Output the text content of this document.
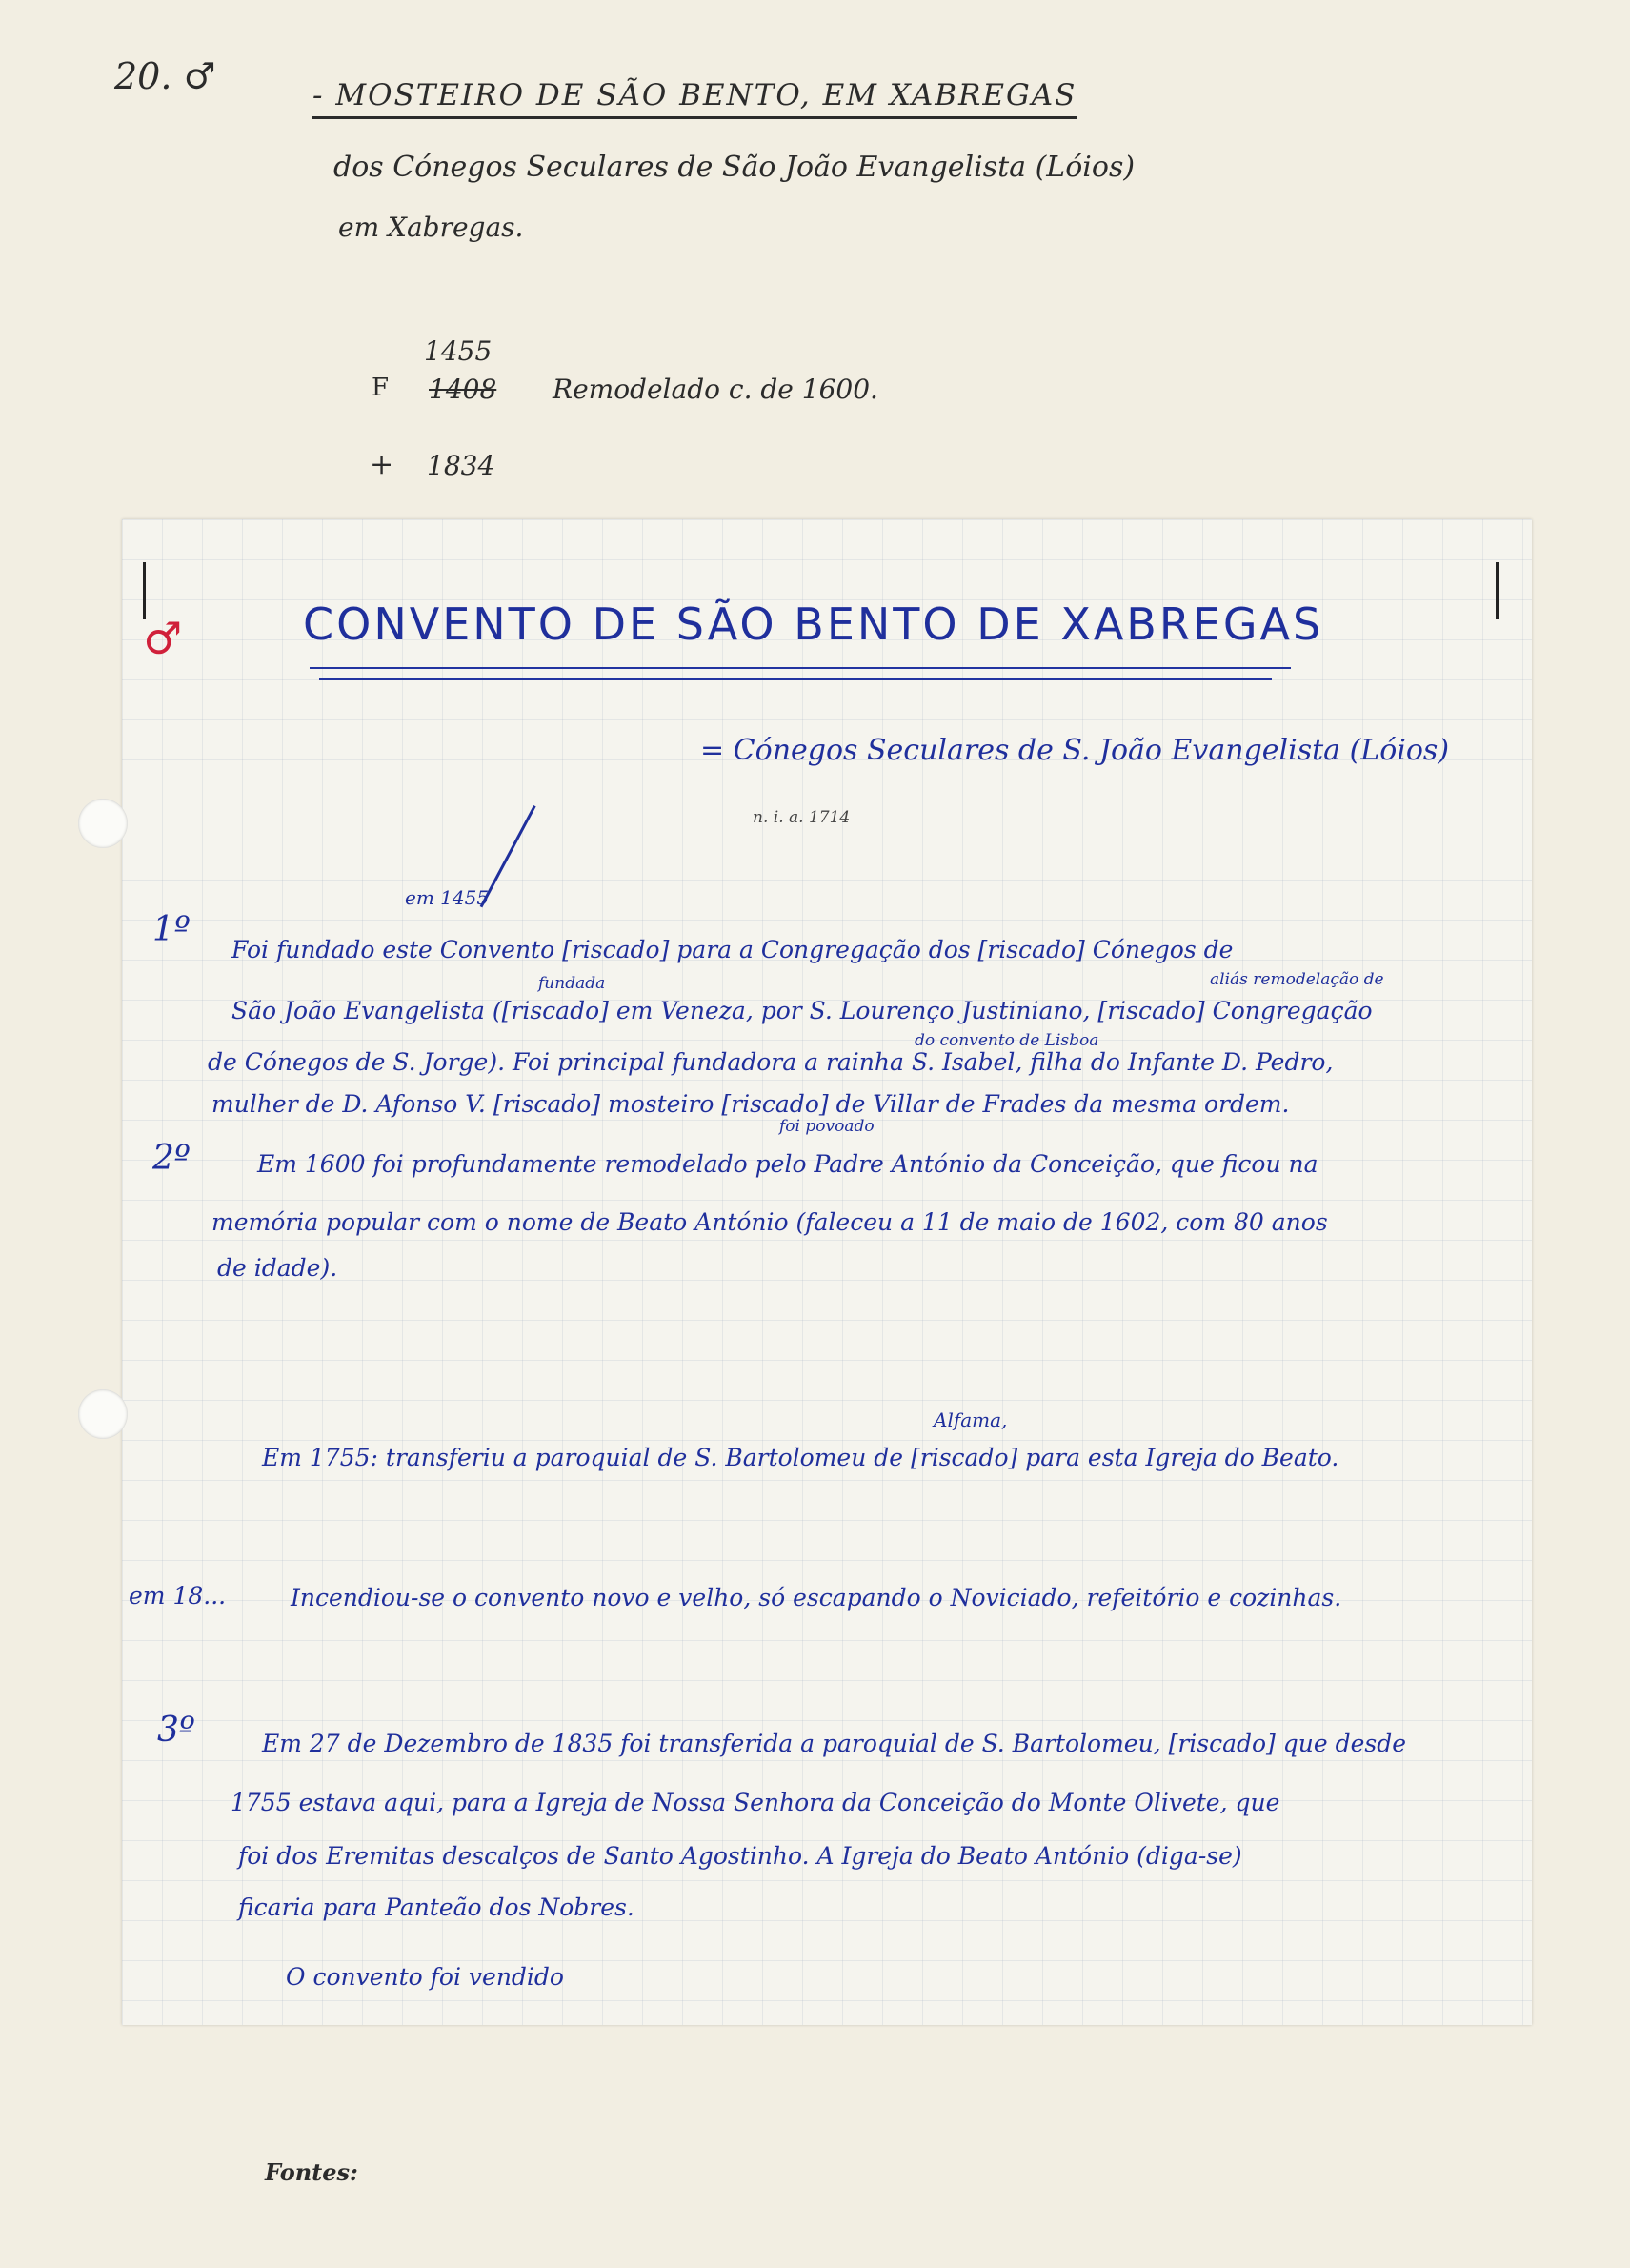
20. ♂	- MOSTEIRO DE SÃO BENTO, EM XABREGAS
dos Cónegos Seculares de São João Evangelista (Lóios)
em Xabregas.
1455
F 1408 Remodelado c. de 1600.
+ 1834
♂	CONVENTO DE SÃO BENTO DE XABREGAS
= Cónegos Seculares de S. João Evangelista (Lóios)
n. i. a. 1714
1º
em 1455
fundada	aliás remodelação de
Foi fundado este Convento [riscado] para a Congregação dos [riscado] Cónegos de
São João Evangelista ([riscado] em Veneza, por S. Lourenço Justiniano, [riscado] Congregação
do convento de Lisboa
de Cónegos de S. Jorge). Foi principal fundadora a rainha S. Isabel, filha do Infante D. Pedro,
mulher de D. Afonso V. [riscado] mosteiro [riscado] de Villar de Frades da mesma ordem.
foi povoado
2º	Em 1600 foi profundamente remodelado pelo Padre António da Conceição, que ficou na
memória popular com o nome de Beato António (faleceu a 11 de maio de 1602, com 80 anos
de idade).
Alfama,
Em 1755: transferiu a paroquial de S. Bartolomeu de [riscado] para esta Igreja do Beato.
em 18...	Incendiou-se o convento novo e velho, só escapando o Noviciado, refeitório e cozinhas.
3º	Em 27 de Dezembro de 1835 foi transferida a paroquial de S. Bartolomeu, [riscado] que desde
1755 estava aqui, para a Igreja de Nossa Senhora da Conceição do Monte Olivete, que
foi dos Eremitas descalços de Santo Agostinho. A Igreja do Beato António (diga-se)
ficaria para Panteão dos Nobres.
O convento foi vendido
Fontes:
